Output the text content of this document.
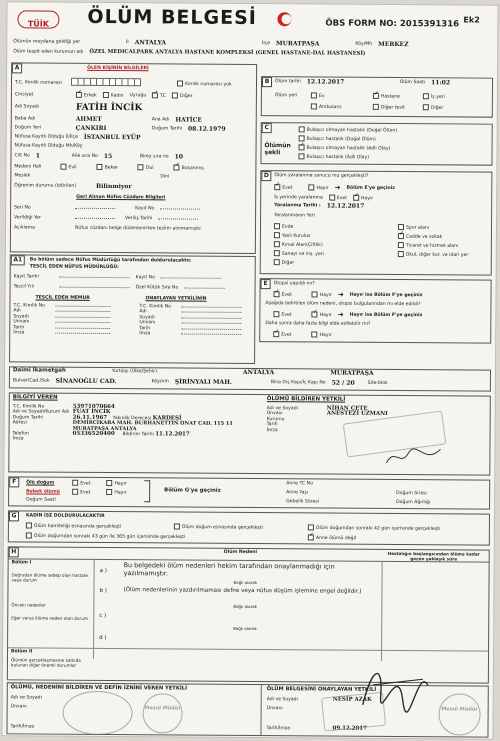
TÜİK	ÖLÜM BELGESİ	ÖBS FORM NO: 2015391316 Ek2
Ölümün meydana geldiği yer	İl ANTALYA	İlçe MURATPAŞA	Köy/Mh MERKEZ
Ölüm tespit eden kurumun adı ÖZEL MEDICALPARK ANTALYA HASTANE KOMPLEKSİ (GENEL HASTANE-DAL HASTANESİ)
A	ÖLEN KİŞİNİN BİLGİLERİ
T.C. Kimlik numarası	Kimlik numarası yok
Cinsiyet ✓	Erkek	Kadın Uyruğu ✓	TC	Diğer
Adı Soyadı	FATİH İNCİK
Baba Adı	AHMET	Ana Adı HATİCE
Doğum Yeri	ÇANKIRI	Doğum Tarihi 08.12.1979
Nüfusa Kayıtlı Olduğu İl/İlçe İSTANBUL EYÜP
Nüfusa Kayıtlı Olduğu Mh/Köy
Cilt No 1	Aile sıra No 15	Birey sıra no 10
Medeni Hali	Evli	Bekar	Dul ✓	Boşanmış
Meslek	Dini
Öğrenim durumu (bitirilen)	Bilinmiyor
Geri Alınan Nüfus Cüzdanı Bilgileri
Seri No	Kayıt No
Verildiği Yer	Veriliş Tarihi
Açıklama	Nüfus cüzdanı belge düzenlenirken teslim alınmamıştır.
B	Ölüm tarihi 12.12.2017	Ölüm Saati 11:02
Ölüm yeri	Ev ✓	Hastane	İş yeri
Ambulans	Diğer tesit	Diğer
C
Ölümün şekli
Bulaşıcı olmayan hastalık (Doğal Ölüm)
Bulaşıcı hastalık (Doğal Ölüm)
✓Bulaşıcı olmayan hastalık (Adli Olay)
Bulaşıcı hastalık (Adli Olay)
D	Ölüm yaralanma sonucu mu gerçekleşti?
✓Evet	Hayır ➜ Bölüm E'ye geçiniz
İş yerinde yaralanma	Evet ✓	Hayır
Yaralanma Tarihi : 12.12.2017
Yaralanmanın Yeri
Evde	Spor alanı
Yaslı Kurulus ✓	Cadde ve sokak
Kırsal Alan(Çiftlik)	Ticaret ve hizmet alanı
Sanayi ve inş. yeri	Okul, diğer kur. ve idari yer
Diğer
A1	Bu bölüm sadece Nüfus Müdürlüğü tarafından doldurulacaktır.
TESCİL EDEN NÜFUS MÜDÜRLÜĞÜ:
Kayıt Tarihi	Kayıt No
Tescil Yılı	Özel Kütük Sıra No
TESCİL EDEN MEMUR	ONAYLAYAN YETKİLİNİN
T.C. Kimlik No
Adı
Soyadı
Unvanı
Tarih
İmza
T.C. Kimlik No
Adı
Soyadı
Unvanı
Tarih
İmza
E	Otopsi yapıldı mı?
✓Evet	Hayır ➜ Hayır ise Bölüm F'ye geçiniz
Aşağıda belirtilen ölüm nedeni, otopsi bulgularından mı elde edildi?
Evet ✓	Hayır ➜ Hayır ise Bölüm F'ye geçiniz
Daha sonra daha fazla bilgi elde edilebilir mi?
✓Evet	Hayır
Daimi İkametgah	Yurtdışı (Ülke/Şehir)	ANTALYA	MURATPAŞA
Bulvar/Cad./Sok SİNANOĞLU CAD.	Köy/mh ŞİRİNYALI MAH.	Bina Dış Kapı/İç Kapı No 52 / 20	Site-blok
BİLGİYİ VEREN
T.C. Kimlik No	53971070664
Adı ve Soyadı/Kurum Adı FUAT İNCİK
Doğum Tarihi	26.11.1967 Yakınlık Derecesi KARDEŞİ
Adresi	DEMİRCİKARA MAH. BURHANETTİN ONAT CAD. 115 11
MURATPAŞA ANTALYA
Telefon	05336520400 Bildirim Tarihi 11.12.2017
İmza
ÖLÜMÜ BİLDİREN YETKİLİ
Adı ve Soyadı	NİHAN ÇETE
Ünvanı	ANESTEZİ UZMANI
Kurumu
Tarih
İmza
F	Ölü doğum	Evet	Hayır
Bebek ölümü	Evet	Hayır
Doğum Saati
Bölüm G'ye geçiniz
Anne TC No
Anne Yaşı
Gebelik Süresi
Doğum Sırası
Doğum Ağırlığı
G	KADIN İSE DOLDURULACAKTIR
Ölüm hamileliği esnasında gerçekleşti	Ölüm doğum esnasında gerçekleşti	Ölüm doğumdan sonraki 42 gün içerisinde gerçekleşti
Ölüm doğumdan sonraki 43 gün ile 365 gün içerisinde gerçekleşti ✓	Anne ölümü değil
H	Ölüm Nedeni	Hastalığın başlangıcından ölüme kadar geçen yaklaşık süre
Bölüm I
Doğrudan ölüme sebep olan hastalık veya durum
Önceki nedenler
Eğer varsa ölüme neden olan durum
a )
Bu belgedeki ölüm nedenleri hekim tarafından onaylanmadığı için yazılmamıştır.
Bağlı olarak
b )	(Ölüm nedenlerinin yazdırılmaması defne veya nüfus düşüm işlemine engel değildir.)
Bağlı olarak
c )
Bağlı olarak
d )
Bölüm II
Ölümün gerçekleşmesine katkıda bulunan diğer önemli durumlar
ÖLÜMÜ, NEDENİNİ BİLDİREN VE DEFİN İZNİNİ VEREN YETKİLİ
Adı ve Soyadı
Ünvanı
Tarih/İmza
Mesul Müdür
ÖLÜM BELGESİNİ ONAYLAYAN YETKİLİ
Adı ve Soyadı	NESİP AZAK
Ünvanı
Tarih/İmza	09.12.2017
Mesul Müdür
